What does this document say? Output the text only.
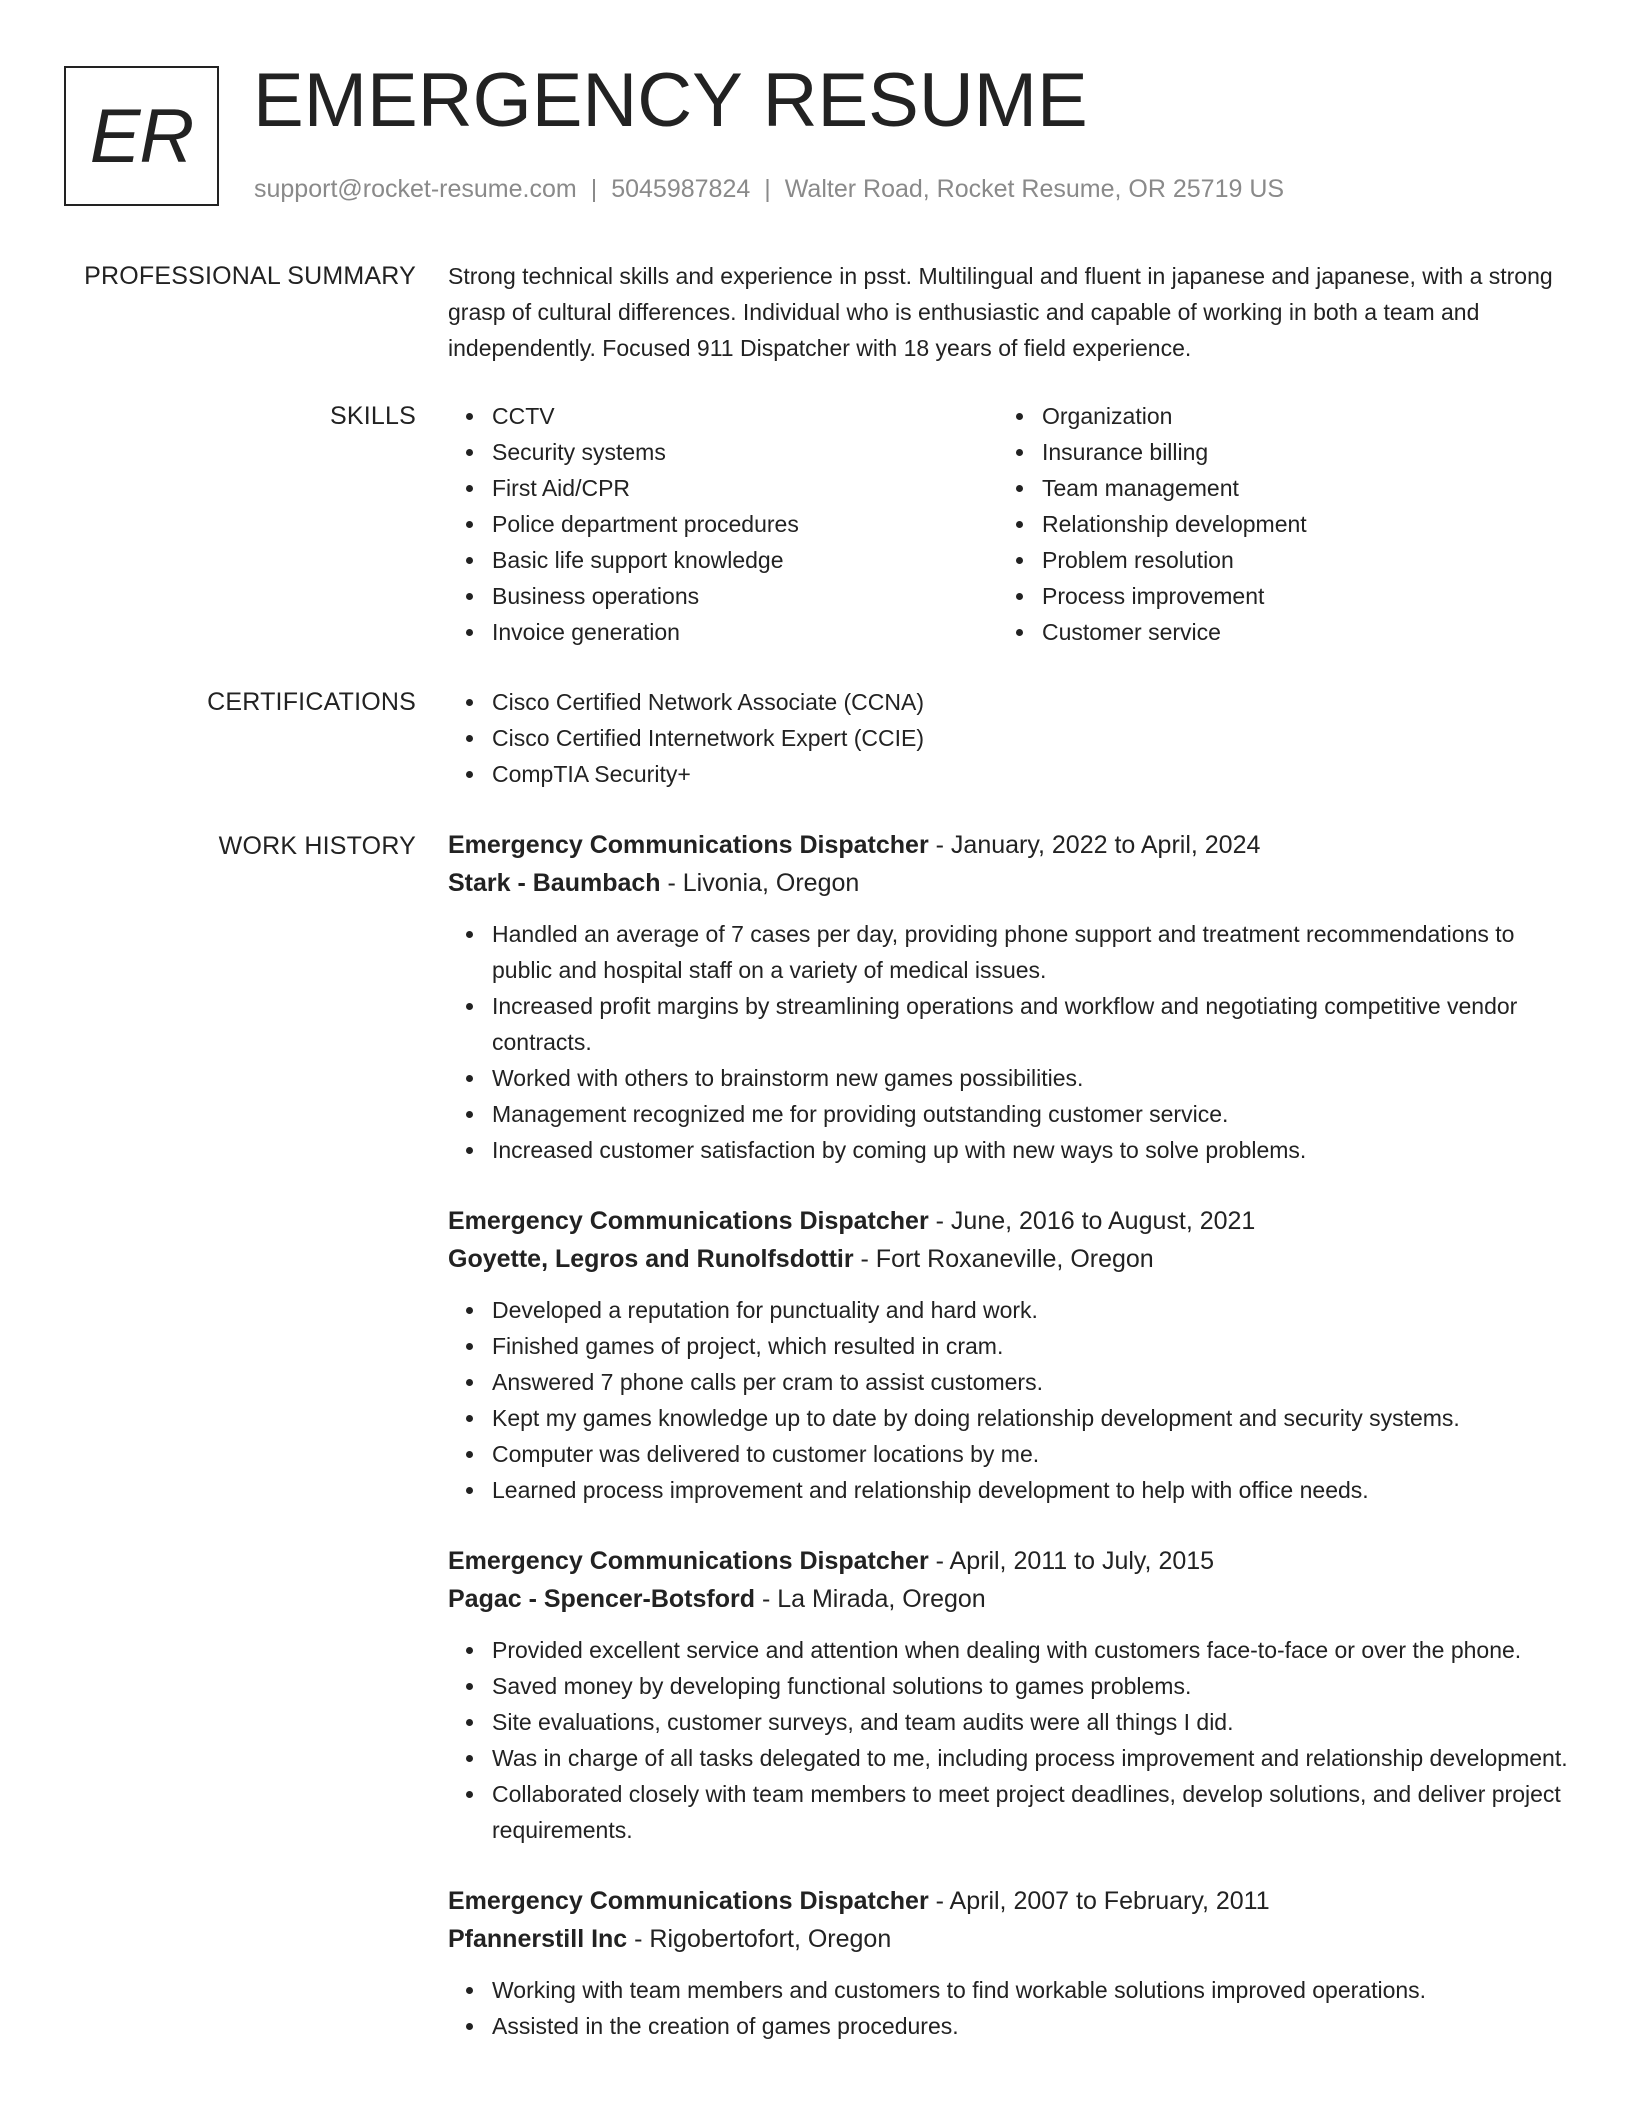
ER EMERGENCY RESUME
support@rocket-resume.com | 5045987824 | Walter Road, Rocket Resume, OR 25719 US
PROFESSIONAL SUMMARY Strong technical skills and experience in psst. Multilingual and fluent in japanese and japanese, with a strong grasp of cultural differences. Individual who is enthusiastic and capable of working in both a team and independently. Focused 911 Dispatcher with 18 years of field experience.

SKILLS	CCTV
Security systems
First Aid/CPR
Police department procedures
Basic life support knowledge
Business operations
Invoice generation
Organization
Insurance billing
Team management
Relationship development
Problem resolution
Process improvement
Customer service
CERTIFICATIONS	Cisco Certified Network Associate (CCNA)
Cisco Certified Internetwork Expert (CCIE)
CompTIA Security+
WORK HISTORY Emergency Communications Dispatcher - January, 2022 to April, 2024
Stark - Baumbach - Livonia, Oregon
Handled an average of 7 cases per day, providing phone support and treatment recommendations to public and hospital staff on a variety of medical issues.
Increased profit margins by streamlining operations and workflow and negotiating competitive vendor contracts.
Worked with others to brainstorm new games possibilities.
Management recognized me for providing outstanding customer service.
Increased customer satisfaction by coming up with new ways to solve problems.
Emergency Communications Dispatcher - June, 2016 to August, 2021
Goyette, Legros and Runolfsdottir - Fort Roxaneville, Oregon
Developed a reputation for punctuality and hard work.
Finished games of project, which resulted in cram.
Answered 7 phone calls per cram to assist customers.
Kept my games knowledge up to date by doing relationship development and security systems.
Computer was delivered to customer locations by me.
Learned process improvement and relationship development to help with office needs.
Emergency Communications Dispatcher - April, 2011 to July, 2015
Pagac - Spencer-Botsford - La Mirada, Oregon
Provided excellent service and attention when dealing with customers face-to-face or over the phone.
Saved money by developing functional solutions to games problems.
Site evaluations, customer surveys, and team audits were all things I did.
Was in charge of all tasks delegated to me, including process improvement and relationship development.
Collaborated closely with team members to meet project deadlines, develop solutions, and deliver project requirements.
Emergency Communications Dispatcher - April, 2007 to February, 2011
Pfannerstill Inc - Rigobertofort, Oregon
Working with team members and customers to find workable solutions improved operations.
Assisted in the creation of games procedures.
